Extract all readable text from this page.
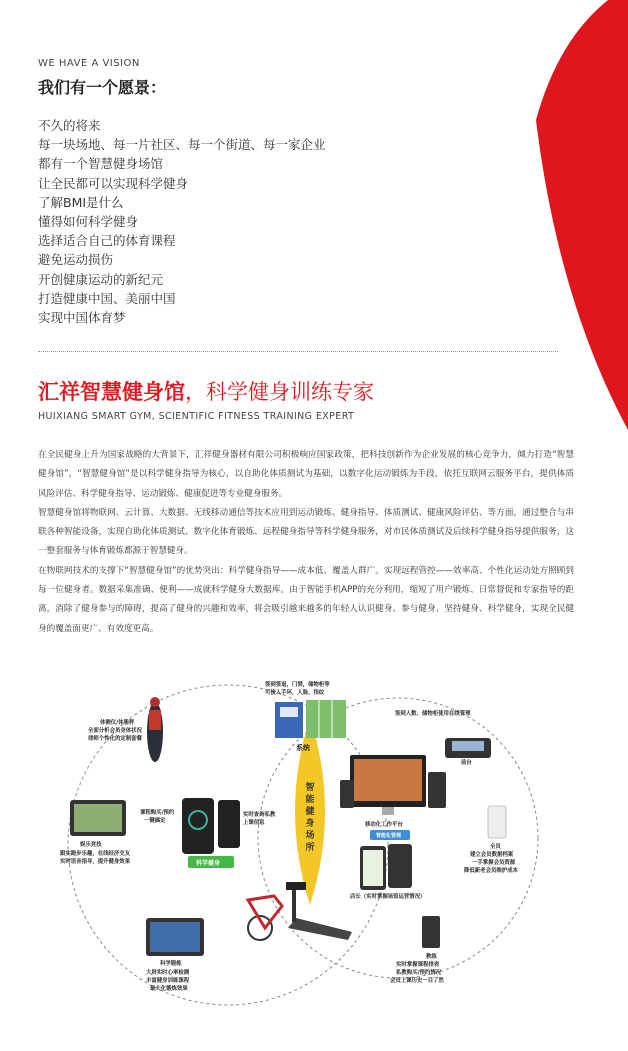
WE HAVE A VISION
我们有一个愿景：
不久的将来
每一块场地、每一片社区、每一个街道、每一家企业
都有一个智慧健身场馆
让全民都可以实现科学健身
了解BMI是什么
懂得如何科学健身
选择适合自己的体育课程
避免运动损伤
开创健康运动的新纪元
打造健康中国、美丽中国
实现中国体育梦
汇祥智慧健身馆，科学健身训练专家
HUIXIANG SMART GYM, SCIENTIFIC FITNESS TRAINING EXPERT

在全民健身上升为国家战略的大背景下，汇祥健身器材有限公司积极响应国家政策，把科技创新作为企业发展的核心竞争力，倾力打造“智慧健身馆”，“智慧健身馆”是以科学健身指导为核心，以自助化体质测试为基础，以数字化运动锻炼为手段，依托互联网云服务平台，提供体质风险评估、科学健身指导、运动锻炼、健康促进等专业健身服务。

智慧健身馆将物联网、云计算、大数据、无线移动通信等技术应用到运动锻炼、健身指导、体质测试、健康风险评估、等方面，通过整合与串联各种智能设备，实现自助化体质测试、数字化体育锻炼、远程健身指导等科学健身服务，对市民体质测试及后续科学健身指导提供服务，这一整套服务与体育锻炼都源于智慧健身。

在物联网技术的支撑下“智慧健身馆”的优势突出：科学健身指导——成本低、覆盖人群广。实现远程管控——效率高、个性化运动处方照顾到每一位健身者。数据采集准确、便利——成就科学健身大数据库。由于智能手机APP的充分利用，缩短了用户锻炼、日常督促和专家指导的距离，消除了健身参与的障碍，提高了健身的兴趣和效率，将会吸引越来越多的年轻人认识健身、参与健身、坚持健身、科学健身，实现全民健身的覆盖面更广、有效度更高。

智
能
健
身
场
所
签到签退，门禁，储物柜等
可接入手环，人脸，指纹
系统
签到人数、储物柜使用在线管理
前台
体侧仪/体脂秤
全面分析会员身体状况
律师个性化的定制套餐
课程购买/预约
一键搞定
实时查询私教
上课信息
科学健身
娱乐竞技
跟实跑步乐趣，在线经济交友
实时语音指导，提升健身效果
科学锻炼
大屏实时心率检测
丰富健身训练课程
最大化锻炼效果
移动化工作平台
智能化管理
店长（实时掌握场馆运营情况）
全员
建立会员数据档案
一手掌握会员资源
降低新老会员维护成本
教练
实时掌握课程排表
私教购买/预约情况
会员上课历史一目了然
